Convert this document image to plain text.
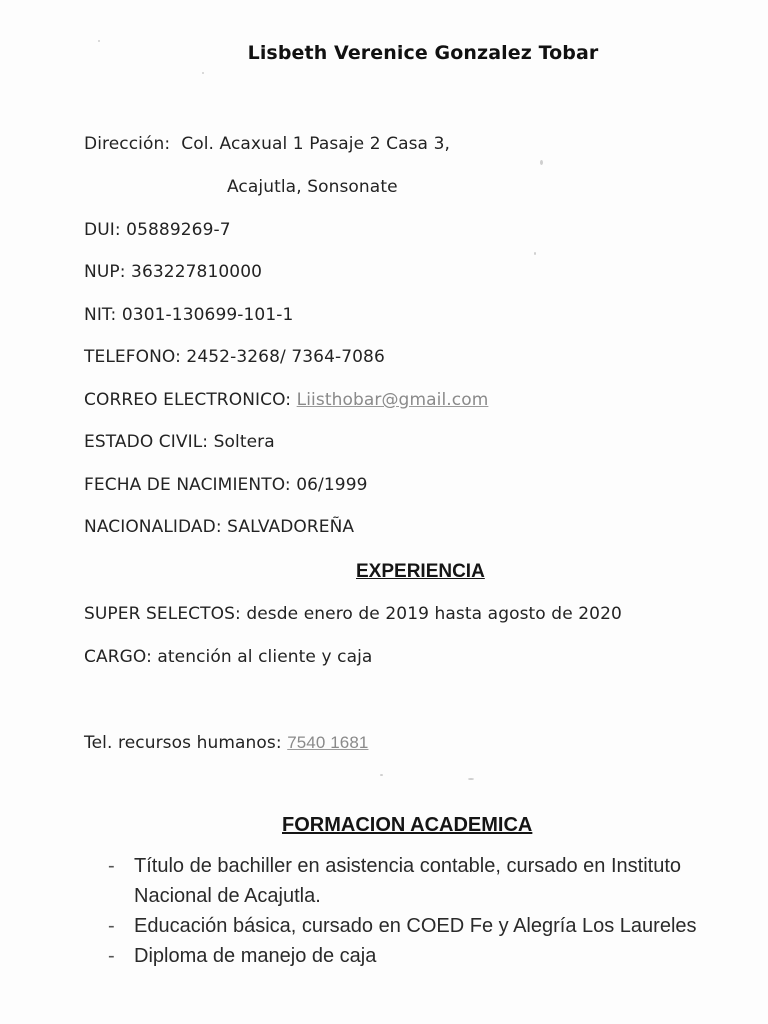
Lisbeth Verenice Gonzalez Tobar
Dirección: Col. Acaxual 1 Pasaje 2 Casa 3,
Acajutla, Sonsonate
DUI: 05889269-7
NUP: 363227810000
NIT: 0301-130699-101-1
TELEFONO: 2452-3268/ 7364-7086
CORREO ELECTRONICO: Liisthobar@gmail.com
ESTADO CIVIL: Soltera
FECHA DE NACIMIENTO: 06/1999
NACIONALIDAD: SALVADOREÑA
EXPERIENCIA
SUPER SELECTOS: desde enero de 2019 hasta agosto de 2020
CARGO: atención al cliente y caja
Tel. recursos humanos: 7540 1681
FORMACION ACADEMICA
- Título de bachiller en asistencia contable, cursado en Instituto Nacional de Acajutla.
- Educación básica, cursado en COED Fe y Alegría Los Laureles
- Diploma de manejo de caja
